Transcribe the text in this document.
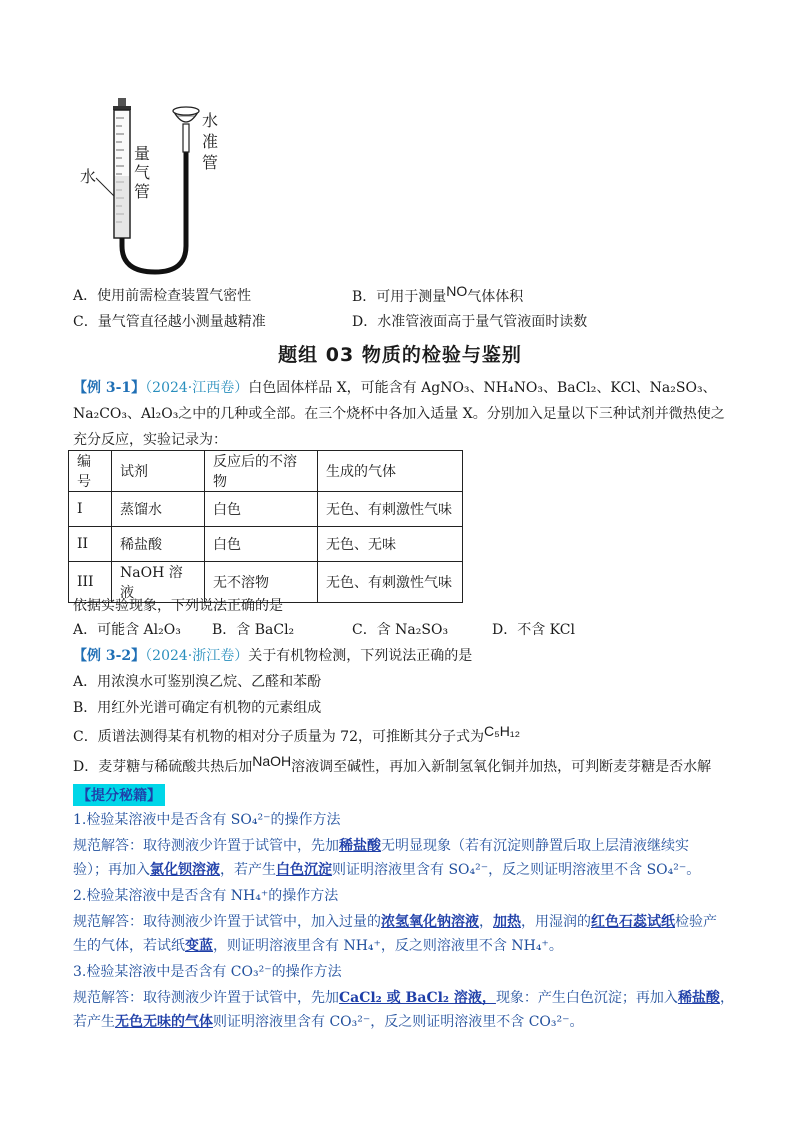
水
量气管
水准管
A．使用前需检查装置气密性	B．可用于测量NO气体体积
C．量气管直径越小测量越精准	D．水准管液面高于量气管液面时读数
题组 03 物质的检验与鉴别
【例 3-1】（2024·江西卷）白色固体样品 X，可能含有 AgNO₃、NH₄NO₃、BaCl₂、KCl、Na₂SO₃、
Na₂CO₃、Al₂O₃之中的几种或全部。在三个烧杯中各加入适量 X。分别加入足量以下三种试剂并微热使之
充分反应，实验记录为：
编号	试剂	反应后的不溶物	生成的气体
I	蒸馏水	白色	无色、有刺激性气味
II	稀盐酸	白色	无色、无味
III	NaOH 溶液	无不溶物	无色、有刺激性气味
依据实验现象，下列说法正确的是
A．可能含 Al₂O₃ B．含 BaCl₂	C．含 Na₂SO₃	D．不含 KCl
【例 3-2】（2024·浙江卷）关于有机物检测，下列说法正确的是
A．用浓溴水可鉴别溴乙烷、乙醛和苯酚
B．用红外光谱可确定有机物的元素组成
C．质谱法测得某有机物的相对分子质量为 72，可推断其分子式为C₅H₁₂
D．麦芽糖与稀硫酸共热后加NaOH溶液调至碱性，再加入新制氢氧化铜并加热，可判断麦芽糖是否水解
【提分秘籍】
1.检验某溶液中是否含有 SO₄²⁻的操作方法
规范解答：取待测液少许置于试管中，先加稀盐酸无明显现象（若有沉淀则静置后取上层清液继续实
验）；再加入氯化钡溶液，若产生白色沉淀则证明溶液里含有 SO₄²⁻，反之则证明溶液里不含 SO₄²⁻。
2.检验某溶液中是否含有 NH₄⁺的操作方法
规范解答：取待测液少许置于试管中，加入过量的浓氢氧化钠溶液，加热，用湿润的红色石蕊试纸检验产
生的气体，若试纸变蓝，则证明溶液里含有 NH₄⁺，反之则溶液里不含 NH₄⁺。
3.检验某溶液中是否含有 CO₃²⁻的操作方法
规范解答：取待测液少许置于试管中，先加CaCl₂ 或 BaCl₂ 溶液，现象：产生白色沉淀；再加入稀盐酸，
若产生无色无味的气体则证明溶液里含有 CO₃²⁻，反之则证明溶液里不含 CO₃²⁻。
